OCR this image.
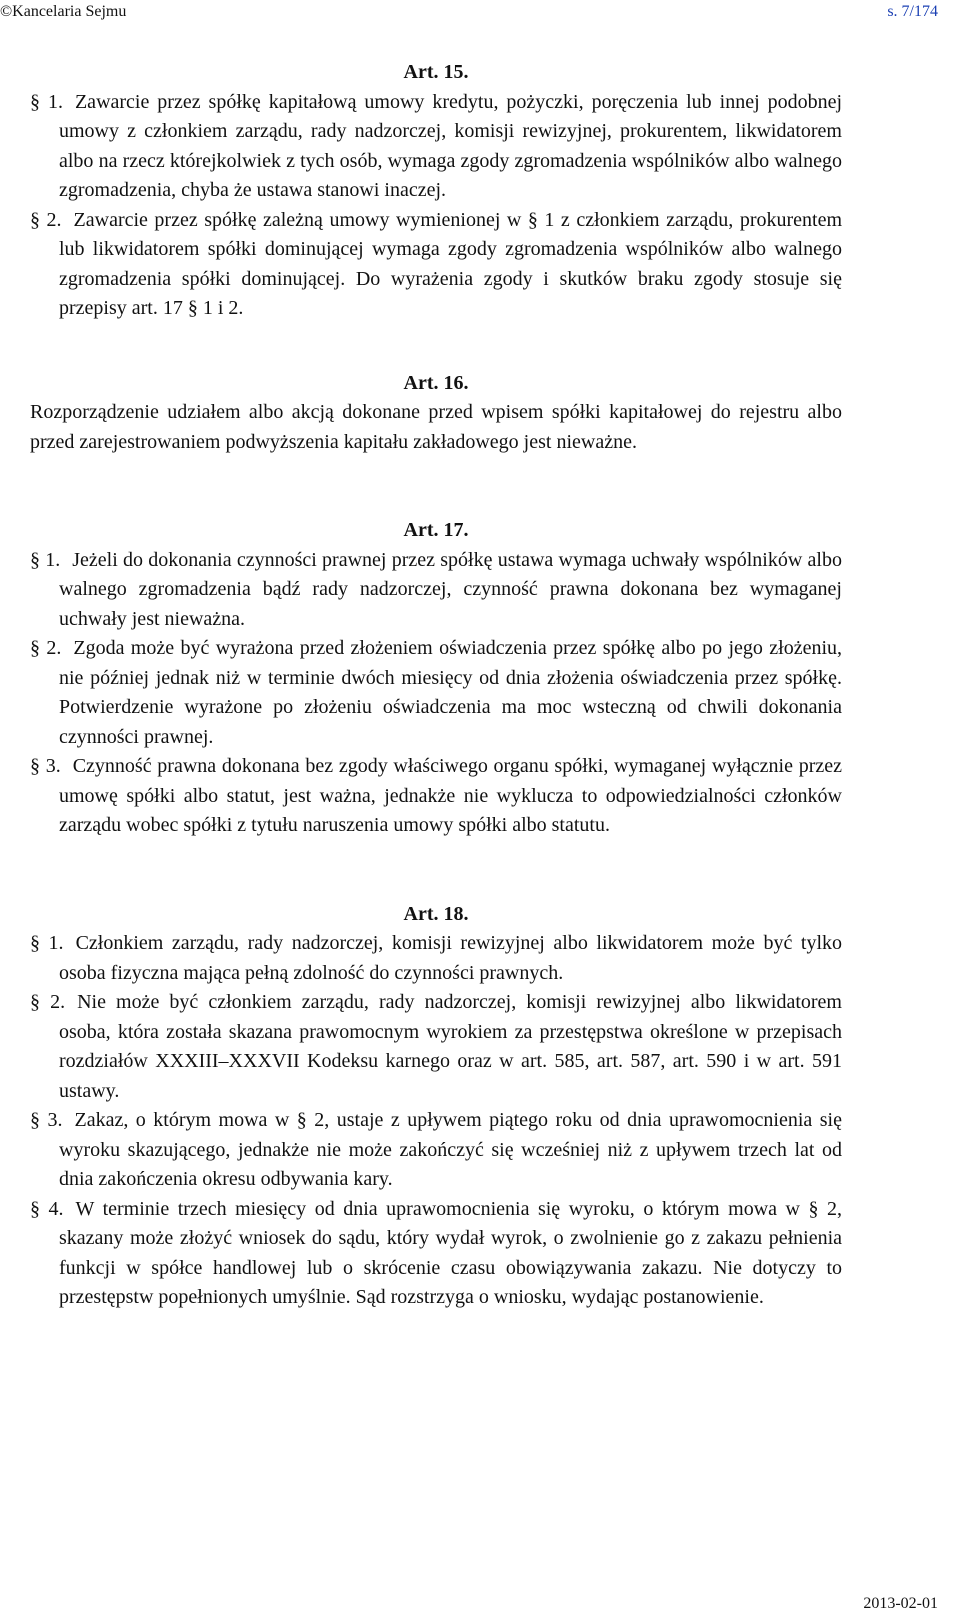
©Kancelaria Sejmu	s. 7/174
Art. 15.

§ 1. Zawarcie przez spółkę kapitałową umowy kredytu, pożyczki, poręczenia lub innej podobnej umowy z członkiem zarządu, rady nadzorczej, komisji rewizyjnej, prokurentem, likwidatorem albo na rzecz którejkolwiek z tych osób, wymaga zgody zgromadzenia wspólników albo walnego zgromadzenia, chyba że ustawa stanowi inaczej.

§ 2. Zawarcie przez spółkę zależną umowy wymienionej w § 1 z członkiem zarządu, prokurentem lub likwidatorem spółki dominującej wymaga zgody zgromadzenia wspólników albo walnego zgromadzenia spółki dominującej. Do wyrażenia zgody i skutków braku zgody stosuje się przepisy art. 17 § 1 i 2.

Art. 16.

Rozporządzenie udziałem albo akcją dokonane przed wpisem spółki kapitałowej do rejestru albo przed zarejestrowaniem podwyższenia kapitału zakładowego jest nieważne.

Art. 17.

§ 1. Jeżeli do dokonania czynności prawnej przez spółkę ustawa wymaga uchwały wspólników albo walnego zgromadzenia bądź rady nadzorczej, czynność prawna dokonana bez wymaganej uchwały jest nieważna.

§ 2. Zgoda może być wyrażona przed złożeniem oświadczenia przez spółkę albo po jego złożeniu, nie później jednak niż w terminie dwóch miesięcy od dnia złożenia oświadczenia przez spółkę. Potwierdzenie wyrażone po złożeniu oświadczenia ma moc wsteczną od chwili dokonania czynności prawnej.

§ 3. Czynność prawna dokonana bez zgody właściwego organu spółki, wymaganej wyłącznie przez umowę spółki albo statut, jest ważna, jednakże nie wyklucza to odpowiedzialności członków zarządu wobec spółki z tytułu naruszenia umowy spółki albo statutu.

Art. 18.

§ 1. Członkiem zarządu, rady nadzorczej, komisji rewizyjnej albo likwidatorem może być tylko osoba fizyczna mająca pełną zdolność do czynności prawnych.

§ 2. Nie może być członkiem zarządu, rady nadzorczej, komisji rewizyjnej albo likwidatorem osoba, która została skazana prawomocnym wyrokiem za przestępstwa określone w przepisach rozdziałów XXXIII–XXXVII Kodeksu karnego oraz w art. 585, art. 587, art. 590 i w art. 591 ustawy.

§ 3. Zakaz, o którym mowa w § 2, ustaje z upływem piątego roku od dnia uprawomocnienia się wyroku skazującego, jednakże nie może zakończyć się wcześniej niż z upływem trzech lat od dnia zakończenia okresu odbywania kary.

§ 4. W terminie trzech miesięcy od dnia uprawomocnienia się wyroku, o którym mowa w § 2, skazany może złożyć wniosek do sądu, który wydał wyrok, o zwolnienie go z zakazu pełnienia funkcji w spółce handlowej lub o skrócenie czasu obowiązywania zakazu. Nie dotyczy to przestępstw popełnionych umyślnie. Sąd rozstrzyga o wniosku, wydając postanowienie.

2013-02-01
